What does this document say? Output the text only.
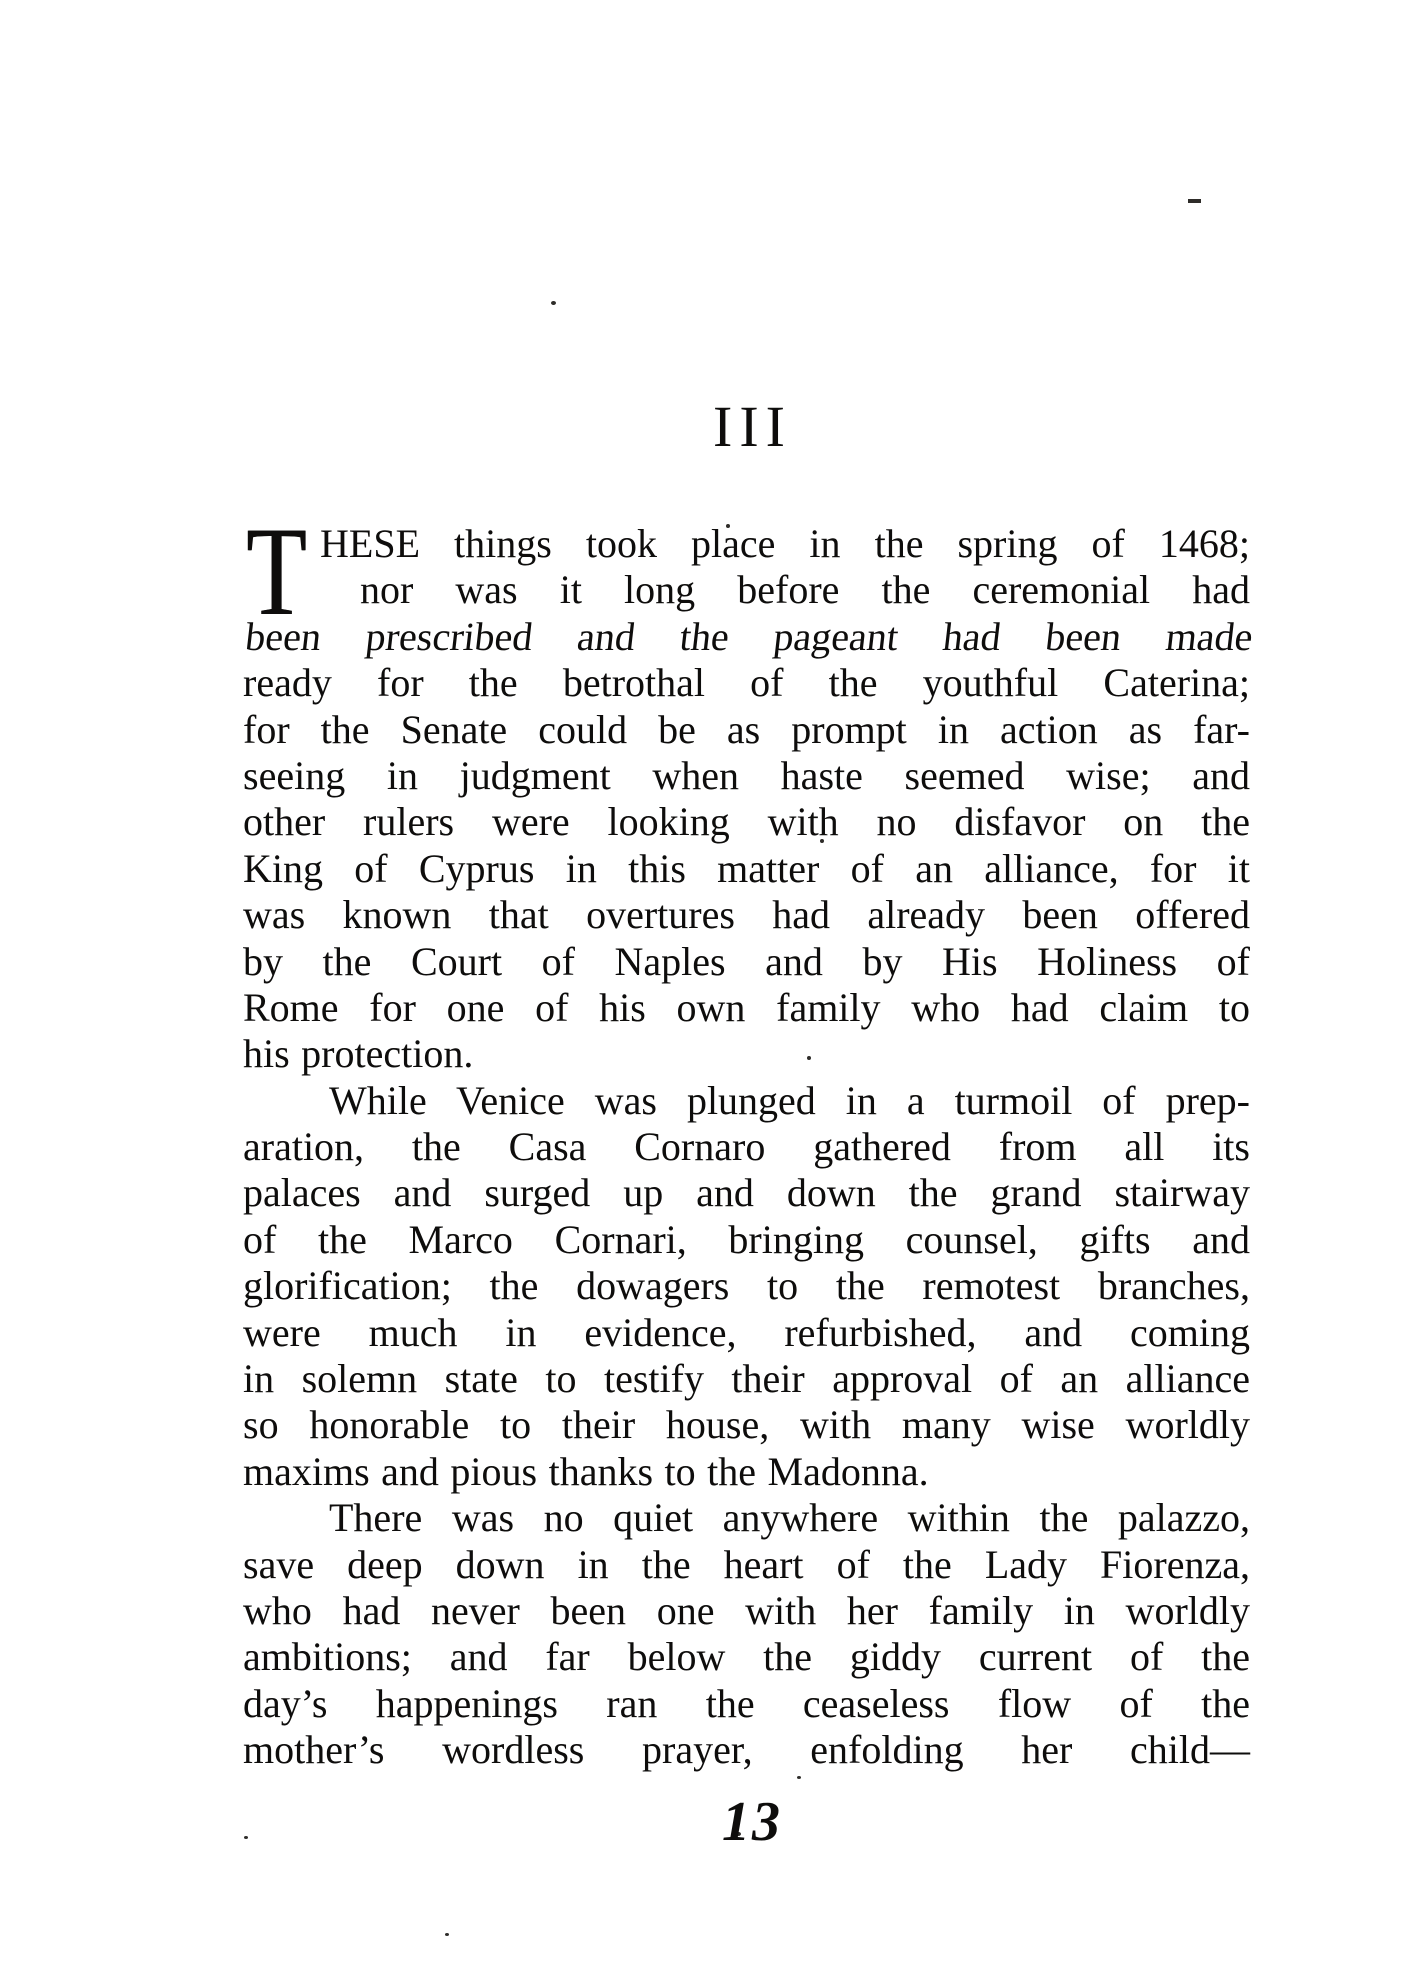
III
T HESE things took place in the spring of 1468;
nor was it long before the ceremonial had
been prescribed and the pageant had been made
ready for the betrothal of the youthful Caterina;
for the Senate could be as prompt in action as far-
seeing in judgment when haste seemed wise; and
other rulers were looking with no disfavor on the
King of Cyprus in this matter of an alliance, for it
was known that overtures had already been offered
by the Court of Naples and by His Holiness of
Rome for one of his own family who had claim to
his protection.
While Venice was plunged in a turmoil of prep-
aration, the Casa Cornaro gathered from all its
palaces and surged up and down the grand stairway
of the Marco Cornari, bringing counsel, gifts and
glorification; the dowagers to the remotest branches,
were much in evidence, refurbished, and coming
in solemn state to testify their approval of an alliance
so honorable to their house, with many wise worldly
maxims and pious thanks to the Madonna.
There was no quiet anywhere within the palazzo,
save deep down in the heart of the Lady Fiorenza,
who had never been one with her family in worldly
ambitions; and far below the giddy current of the
day’s happenings ran the ceaseless flow of the
mother’s wordless prayer, enfolding her child—
13
